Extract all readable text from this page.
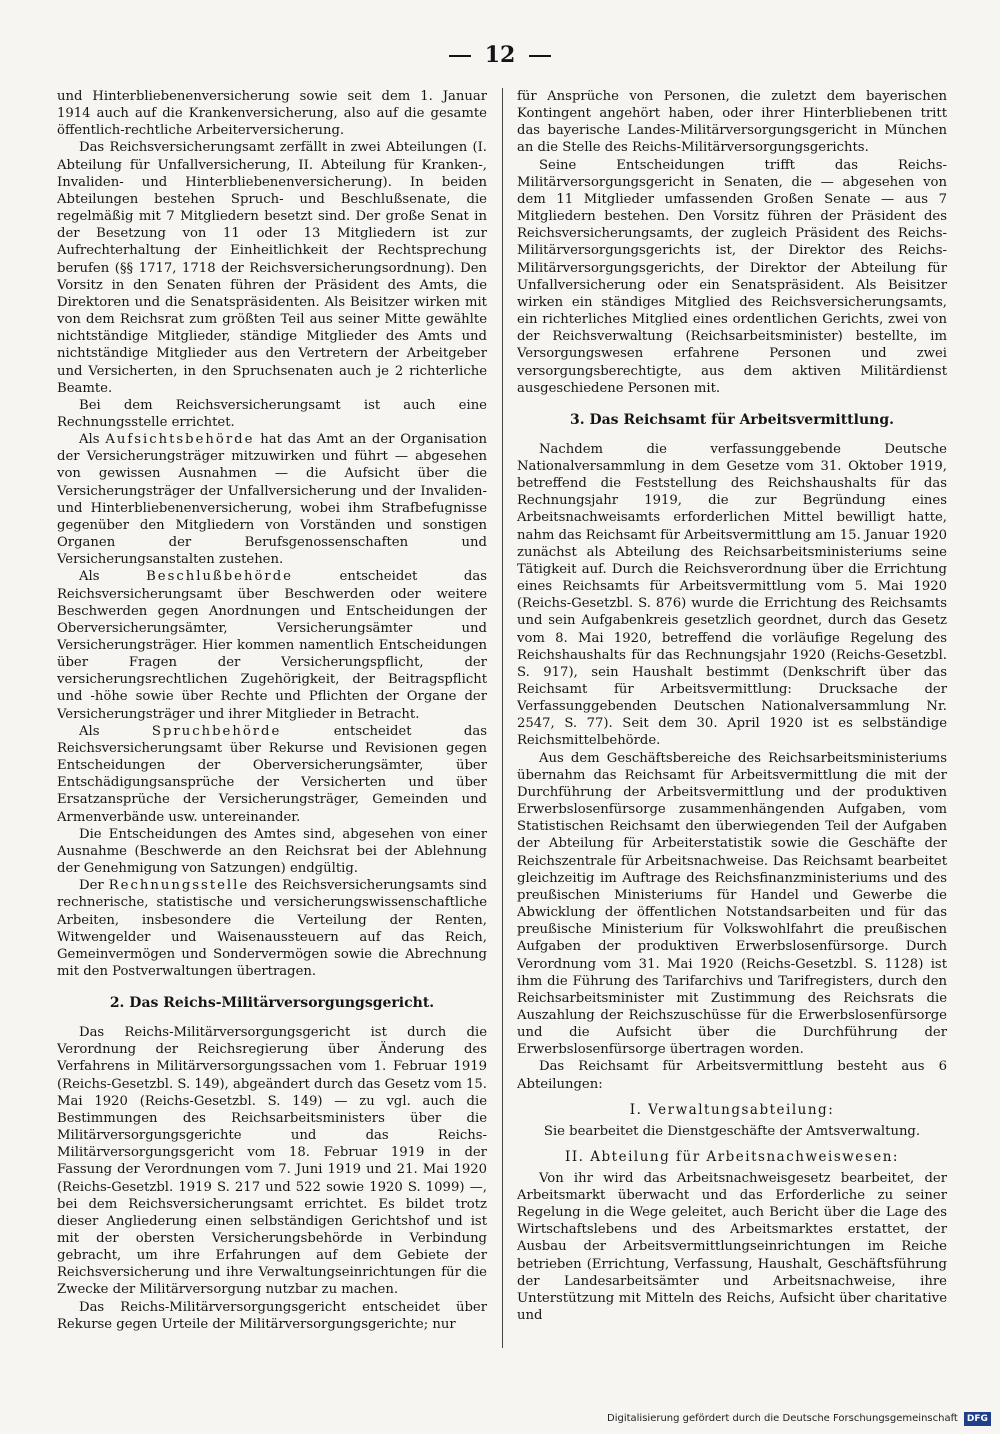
12

und Hinterbliebenenversicherung sowie seit dem 1. Januar 1914 auch auf die Krankenversicherung, also auf die gesamte öffentlich-rechtliche Arbeiterversicherung.

Das Reichsversicherungsamt zerfällt in zwei Abteilungen (I. Abteilung für Unfallversicherung, II. Abteilung für Kranken-, Invaliden- und Hinterbliebenenversicherung). In beiden Abteilungen bestehen Spruch- und Beschlußsenate, die regelmäßig mit 7 Mitgliedern besetzt sind. Der große Senat in der Besetzung von 11 oder 13 Mitgliedern ist zur Aufrechterhaltung der Einheitlichkeit der Rechtsprechung berufen (§§ 1717, 1718 der Reichsversicherungsordnung). Den Vorsitz in den Senaten führen der Präsident des Amts, die Direktoren und die Senatspräsidenten. Als Beisitzer wirken mit von dem Reichsrat zum größten Teil aus seiner Mitte gewählte nichtständige Mitglieder, ständige Mitglieder des Amts und nichtständige Mitglieder aus den Vertretern der Arbeitgeber und Versicherten, in den Spruchsenaten auch je 2 richterliche Beamte.

Bei dem Reichsversicherungsamt ist auch eine Rechnungsstelle errichtet.

Als Aufsichtsbehörde hat das Amt an der Organisation der Versicherungsträger mitzuwirken und führt — abgesehen von gewissen Ausnahmen — die Aufsicht über die Versicherungsträger der Unfallversicherung und der Invaliden- und Hinterbliebenenversicherung, wobei ihm Strafbefugnisse gegenüber den Mitgliedern von Vorständen und sonstigen Organen der Berufsgenossenschaften und Versicherungsanstalten zustehen.

Als	Beschlußbehörde	entscheidet das Reichsversicherungsamt über Beschwerden oder weitere Beschwerden gegen Anordnungen und Entscheidungen der Oberversicherungsämter, Versicherungsämter und Versicherungsträger. Hier kommen namentlich Entscheidungen über Fragen der Versicherungspflicht, der versicherungsrechtlichen Zugehörigkeit, der Beitragspflicht und -höhe sowie über Rechte und Pflichten der Organe der Versicherungsträger und ihrer Mitglieder in Betracht.

Als	Spruchbehörde	entscheidet das Reichsversicherungsamt über Rekurse und Revisionen gegen Entscheidungen der Oberversicherungsämter, über Entschädigungsansprüche der Versicherten und über Ersatzansprüche der Versicherungsträger, Gemeinden und Armenverbände usw. untereinander.

Die Entscheidungen des Amtes sind, abgesehen von einer Ausnahme (Beschwerde an den Reichsrat bei der Ablehnung der Genehmigung von Satzungen) endgültig.

Der Rechnungsstelle des Reichsversicherungsamts sind rechnerische, statistische und versicherungswissenschaftliche Arbeiten, insbesondere die Verteilung der Renten, Witwengelder und Waisenaussteuern auf das Reich, Gemeinvermögen und Sondervermögen sowie die Abrechnung mit den Postverwaltungen übertragen.

2. Das Reichs-Militärversorgungsgericht.

Das Reichs-Militärversorgungsgericht ist durch die Verordnung der Reichsregierung über Änderung des Verfahrens in Militärversorgungssachen vom 1. Februar 1919 (Reichs-Gesetzbl. S. 149), abgeändert durch das Gesetz vom 15. Mai 1920 (Reichs-Gesetzbl. S. 149) — zu vgl. auch die Bestimmungen des Reichsarbeitsministers über die Militärversorgungsgerichte und das Reichs-Militärversorgungsgericht vom 18. Februar 1919 in der Fassung der Verordnungen vom 7. Juni 1919 und 21. Mai 1920 (Reichs-Gesetzbl. 1919 S. 217 und 522 sowie 1920 S. 1099) —, bei dem Reichsversicherungsamt errichtet. Es bildet trotz dieser Angliederung einen selbständigen Gerichtshof und ist mit der obersten Versicherungsbehörde in Verbindung gebracht, um ihre Erfahrungen auf dem Gebiete der Reichsversicherung und ihre Verwaltungseinrichtungen für die Zwecke der Militärversorgung nutzbar zu machen.

Das Reichs-Militärversorgungsgericht entscheidet über Rekurse gegen Urteile der Militärversorgungsgerichte; nur

für Ansprüche von Personen, die zuletzt dem bayerischen Kontingent angehört haben, oder ihrer Hinterbliebenen tritt das bayerische Landes-Militärversorgungsgericht in München an die Stelle des Reichs-Militärversorgungsgerichts.

Seine Entscheidungen trifft das Reichs-Militärversorgungsgericht in Senaten, die — abgesehen von dem 11 Mitglieder umfassenden Großen Senate — aus 7 Mitgliedern bestehen. Den Vorsitz führen der Präsident des Reichsversicherungsamts, der zugleich Präsident des Reichs-Militärversorgungsgerichts ist, der Direktor des Reichs-Militärversorgungsgerichts, der Direktor der Abteilung für Unfallversicherung oder ein Senatspräsident. Als Beisitzer wirken ein ständiges Mitglied des Reichsversicherungsamts, ein richterliches Mitglied eines ordentlichen Gerichts, zwei von der Reichsverwaltung (Reichsarbeitsminister) bestellte, im Versorgungswesen erfahrene Personen und zwei versorgungsberechtigte, aus dem aktiven Militärdienst ausgeschiedene Personen mit.

3. Das Reichsamt für Arbeitsvermittlung.

Nachdem die verfassunggebende Deutsche Nationalversammlung in dem Gesetze vom 31. Oktober 1919, betreffend die Feststellung des Reichshaushalts für das Rechnungsjahr 1919, die zur Begründung eines Arbeitsnachweisamts erforderlichen Mittel bewilligt hatte, nahm das Reichsamt für Arbeitsvermittlung am 15. Januar 1920 zunächst als Abteilung des Reichsarbeitsministeriums seine Tätigkeit auf. Durch die Reichsverordnung über die Errichtung eines Reichsamts für Arbeitsvermittlung vom 5. Mai 1920 (Reichs-Gesetzbl. S. 876) wurde die Errichtung des Reichsamts und sein Aufgabenkreis gesetzlich geordnet, durch das Gesetz vom 8. Mai 1920, betreffend die vorläufige Regelung des Reichshaushalts für das Rechnungsjahr 1920 (Reichs-Gesetzbl. S. 917), sein Haushalt bestimmt (Denkschrift über das Reichsamt für Arbeitsvermittlung: Drucksache der Verfassunggebenden Deutschen Nationalversammlung Nr. 2547, S. 77). Seit dem 30. April 1920 ist es selbständige Reichsmittelbehörde.

Aus dem Geschäftsbereiche des Reichsarbeitsministeriums übernahm das Reichsamt für Arbeitsvermittlung die mit der Durchführung der Arbeitsvermittlung und der produktiven Erwerbslosenfürsorge zusammenhängenden Aufgaben, vom Statistischen Reichsamt den überwiegenden Teil der Aufgaben der Abteilung für Arbeiterstatistik sowie die Geschäfte der Reichszentrale für Arbeitsnachweise. Das Reichsamt bearbeitet gleichzeitig im Auftrage des Reichsfinanzministeriums und des preußischen Ministeriums für Handel und Gewerbe die Abwicklung der öffentlichen Notstandsarbeiten und für das preußische Ministerium für Volkswohlfahrt die preußischen Aufgaben der produktiven Erwerbslosenfürsorge. Durch Verordnung vom 31. Mai 1920 (Reichs-Gesetzbl. S. 1128) ist ihm die Führung des Tarifarchivs und Tarifregisters, durch den Reichsarbeitsminister mit Zustimmung des Reichsrats die Auszahlung der Reichszuschüsse für die Erwerbslosenfürsorge und die Aufsicht über die Durchführung der Erwerbslosenfürsorge übertragen worden.

Das Reichsamt für Arbeitsvermittlung besteht aus 6 Abteilungen:

I. Verwaltungsabteilung:
Sie bearbeitet die Dienstgeschäfte der Amtsverwaltung.
II. Abteilung für Arbeitsnachweiswesen:

Von ihr wird das Arbeitsnachweisgesetz bearbeitet, der Arbeitsmarkt überwacht und das Erforderliche zu seiner Regelung in die Wege geleitet, auch Bericht über die Lage des Wirtschaftslebens und des Arbeitsmarktes erstattet, der Ausbau der Arbeitsvermittlungseinrichtungen im Reiche betrieben (Errichtung, Verfassung, Haushalt, Geschäftsführung der Landesarbeitsämter und Arbeitsnachweise, ihre Unterstützung mit Mitteln des Reichs, Aufsicht über charitative und

Digitalisierung gefördert durch die Deutsche Forschungsgemeinschaft	DFG
